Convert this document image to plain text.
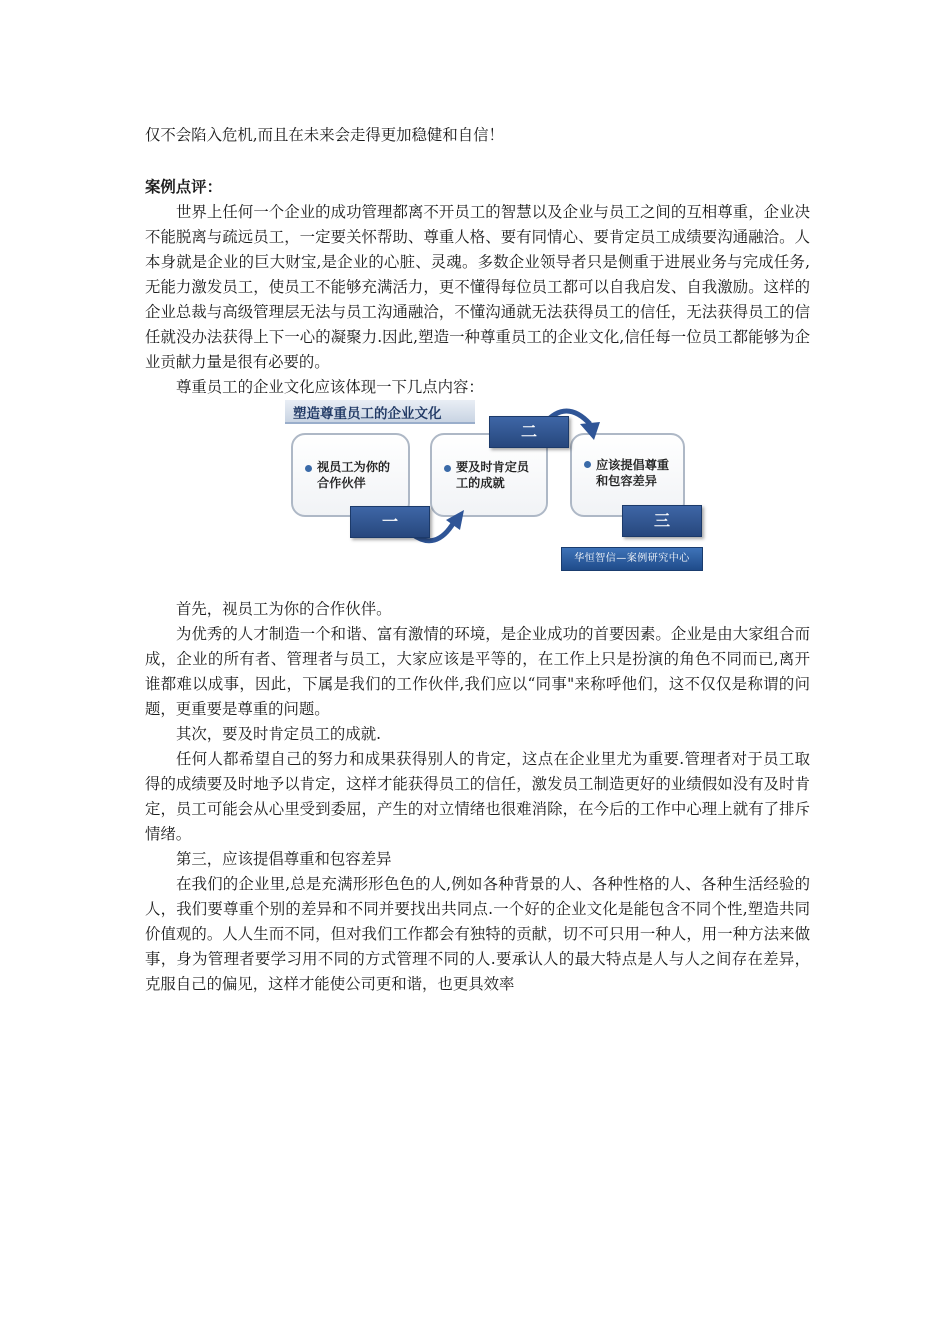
仅不会陷入危机,而且在未来会走得更加稳健和自信！

案例点评：

世界上任何一个企业的成功管理都离不开员工的智慧以及企业与员工之间的互相尊重，企业决不能脱离与疏远员工，一定要关怀帮助、尊重人格、要有同情心、要肯定员工成绩要沟通融洽。人本身就是企业的巨大财宝,是企业的心脏、灵魂。多数企业领导者只是侧重于进展业务与完成任务,无能力激发员工，使员工不能够充满活力，更不懂得每位员工都可以自我启发、自我激励。这样的企业总裁与高级管理层无法与员工沟通融洽，不懂沟通就无法获得员工的信任，无法获得员工的信任就没办法获得上下一心的凝聚力.因此,塑造一种尊重员工的企业文化,信任每一位员工都能够为企业贡献力量是很有必要的。

尊重员工的企业文化应该体现一下几点内容：

塑造尊重员工的企业文化
视员工为你的合作伙伴
要及时肯定员工的成就
应该提倡尊重和包容差异
一
二
三
华恒智信—案例研究中心

首先，视员工为你的合作伙伴。

为优秀的人才制造一个和谐、富有激情的环境，是企业成功的首要因素。企业是由大家组合而成，企业的所有者、管理者与员工，大家应该是平等的，在工作上只是扮演的角色不同而已,离开谁都难以成事，因此，下属是我们的工作伙伴,我们应以“同事"来称呼他们，这不仅仅是称谓的问题，更重要是尊重的问题。

其次，要及时肯定员工的成就.

任何人都希望自己的努力和成果获得别人的肯定，这点在企业里尤为重要.管理者对于员工取得的成绩要及时地予以肯定，这样才能获得员工的信任，激发员工制造更好的业绩假如没有及时肯定，员工可能会从心里受到委屈，产生的对立情绪也很难消除，在今后的工作中心理上就有了排斥情绪。

第三，应该提倡尊重和包容差异

在我们的企业里,总是充满形形色色的人,例如各种背景的人、各种性格的人、各种生活经验的人，我们要尊重个别的差异和不同并要找出共同点.一个好的企业文化是能包含不同个性,塑造共同价值观的。人人生而不同，但对我们工作都会有独特的贡献，切不可只用一种人，用一种方法来做事，身为管理者要学习用不同的方式管理不同的人.要承认人的最大特点是人与人之间存在差异，克服自己的偏见，这样才能使公司更和谐，也更具效率
